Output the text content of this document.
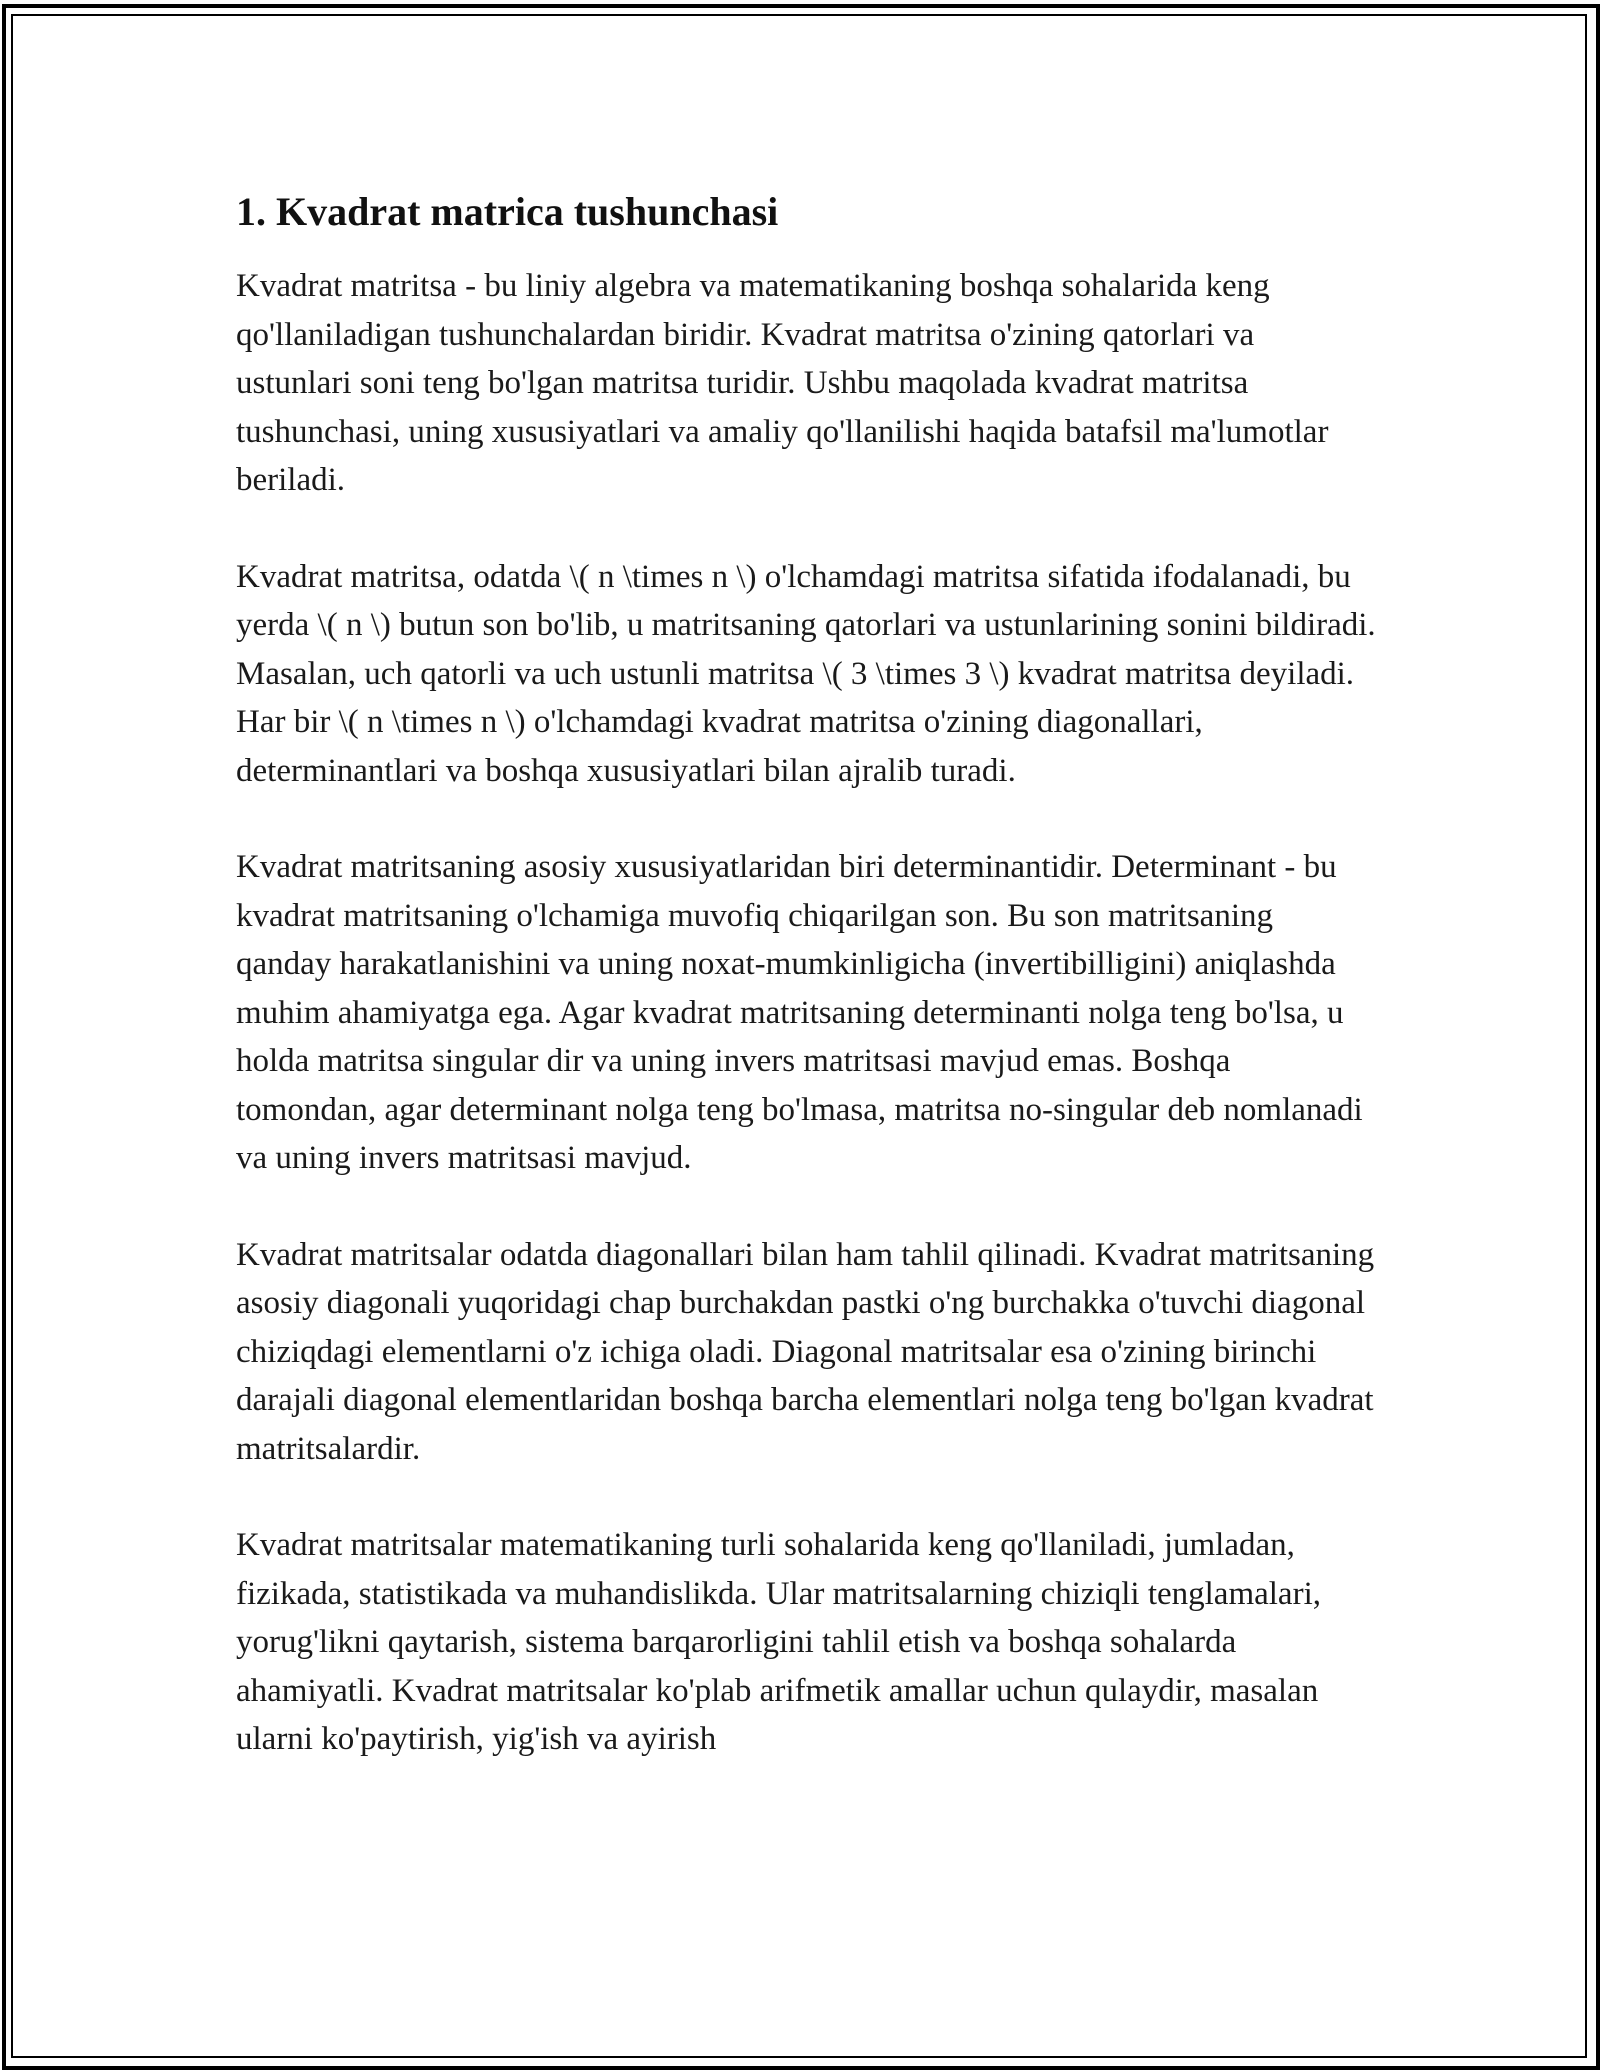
1. Kvadrat matrica tushunchasi

Kvadrat matritsa - bu liniy algebra va matematikaning boshqa sohalarida keng qo'llaniladigan tushunchalardan biridir. Kvadrat matritsa o'zining qatorlari va ustunlari soni teng bo'lgan matritsa turidir. Ushbu maqolada kvadrat matritsa tushunchasi, uning xususiyatlari va amaliy qo'llanilishi haqida batafsil ma'lumotlar beriladi.

Kvadrat matritsa, odatda \( n \times n \) o'lchamdagi matritsa sifatida ifodalanadi, bu yerda \( n \) butun son bo'lib, u matritsaning qatorlari va ustunlarining sonini bildiradi. Masalan, uch qatorli va uch ustunli matritsa \( 3 \times 3 \) kvadrat matritsa deyiladi. Har bir \( n \times n \) o'lchamdagi kvadrat matritsa o'zining diagonallari, determinantlari va boshqa xususiyatlari bilan ajralib turadi.

Kvadrat matritsaning asosiy xususiyatlaridan biri determinantidir. Determinant - bu kvadrat matritsaning o'lchamiga muvofiq chiqarilgan son. Bu son matritsaning qanday harakatlanishini va uning noxat-mumkinligicha (invertibilligini) aniqlashda muhim ahamiyatga ega. Agar kvadrat matritsaning determinanti nolga teng bo'lsa, u holda matritsa singular dir va uning invers matritsasi mavjud emas. Boshqa tomondan, agar determinant nolga teng bo'lmasa, matritsa no-singular deb nomlanadi va uning invers matritsasi mavjud.

Kvadrat matritsalar odatda diagonallari bilan ham tahlil qilinadi. Kvadrat matritsaning asosiy diagonali yuqoridagi chap burchakdan pastki o'ng burchakka o'tuvchi diagonal chiziqdagi elementlarni o'z ichiga oladi. Diagonal matritsalar esa o'zining birinchi darajali diagonal elementlaridan boshqa barcha elementlari nolga teng bo'lgan kvadrat matritsalardir.

Kvadrat matritsalar matematikaning turli sohalarida keng qo'llaniladi, jumladan, fizikada, statistikada va muhandislikda. Ular matritsalarning chiziqli tenglamalari, yorug'likni qaytarish, sistema barqarorligini tahlil etish va boshqa sohalarda ahamiyatli. Kvadrat matritsalar ko'plab arifmetik amallar uchun qulaydir, masalan ularni ko'paytirish, yig'ish va ayirish
